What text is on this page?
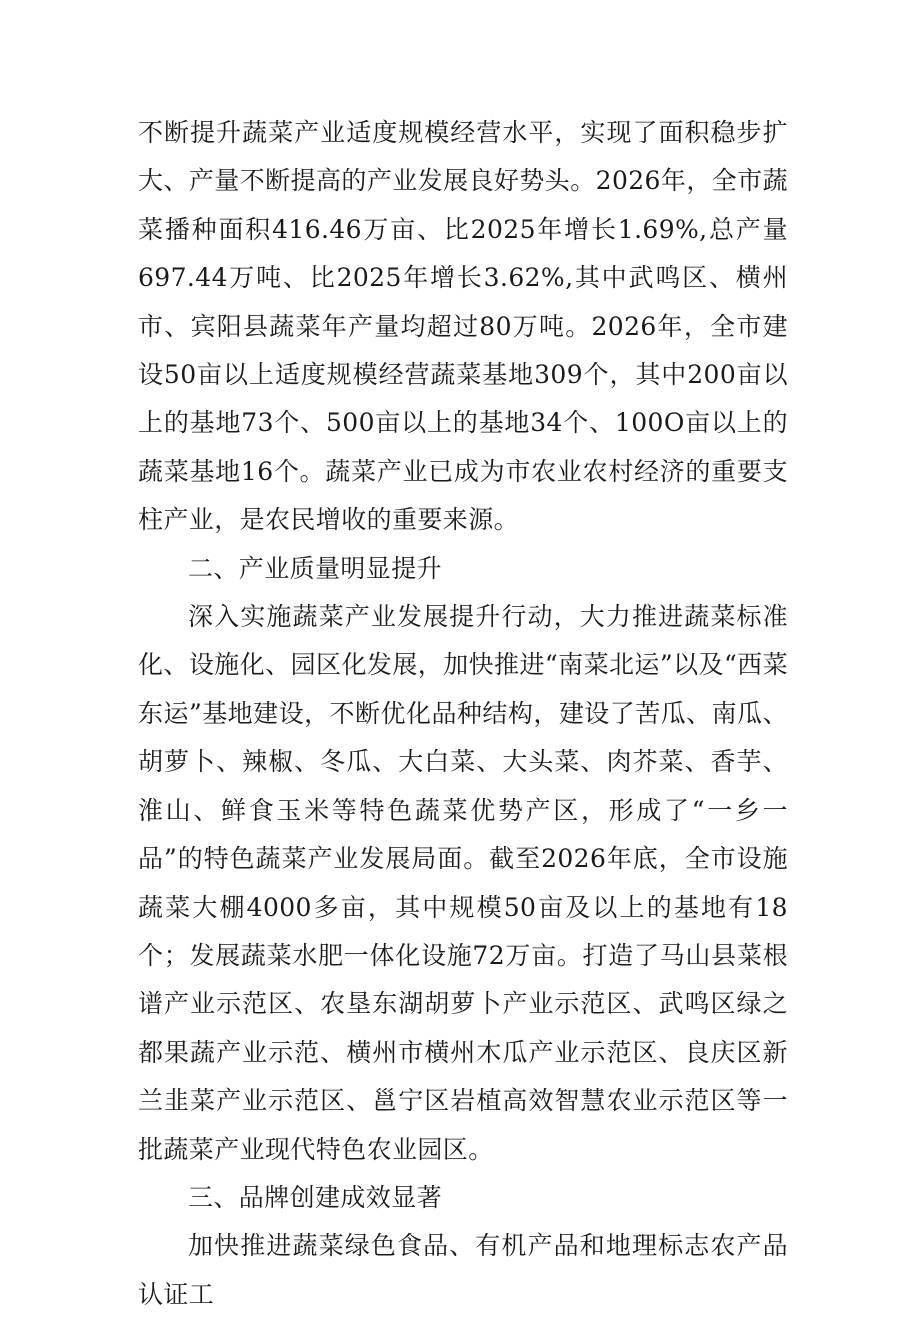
不断提升蔬菜产业适度规模经营水平，实现了面积稳步扩大、产量不断提高的产业发展良好势头。2026年，全市蔬菜播种面积416.46万亩、比2025年增长1.69%,总产量697.44万吨、比2025年增长3.62%,其中武鸣区、横州市、宾阳县蔬菜年产量均超过80万吨。2026年，全市建设50亩以上适度规模经营蔬菜基地309个，其中200亩以上的基地73个、500亩以上的基地34个、100O亩以上的蔬菜基地16个。蔬菜产业已成为市农业农村经济的重要支柱产业，是农民增收的重要来源。

二、产业质量明显提升

深入实施蔬菜产业发展提升行动，大力推进蔬菜标准化、设施化、园区化发展，加快推进“南菜北运”以及“西菜东运”基地建设，不断优化品种结构，建设了苦瓜、南瓜、胡萝卜、辣椒、冬瓜、大白菜、大头菜、肉芥菜、香芋、淮山、鲜食玉米等特色蔬菜优势产区，形成了“一乡一品”的特色蔬菜产业发展局面。截至2026年底，全市设施蔬菜大棚4000多亩，其中规模50亩及以上的基地有18个；发展蔬菜水肥一体化设施72万亩。打造了马山县菜根谱产业示范区、农垦东湖胡萝卜产业示范区、武鸣区绿之都果蔬产业示范、横州市横州木瓜产业示范区、良庆区新兰韭菜产业示范区、邕宁区岩植高效智慧农业示范区等一批蔬菜产业现代特色农业园区。

三、品牌创建成效显著

加快推进蔬菜绿色食品、有机产品和地理标志农产品认证工
